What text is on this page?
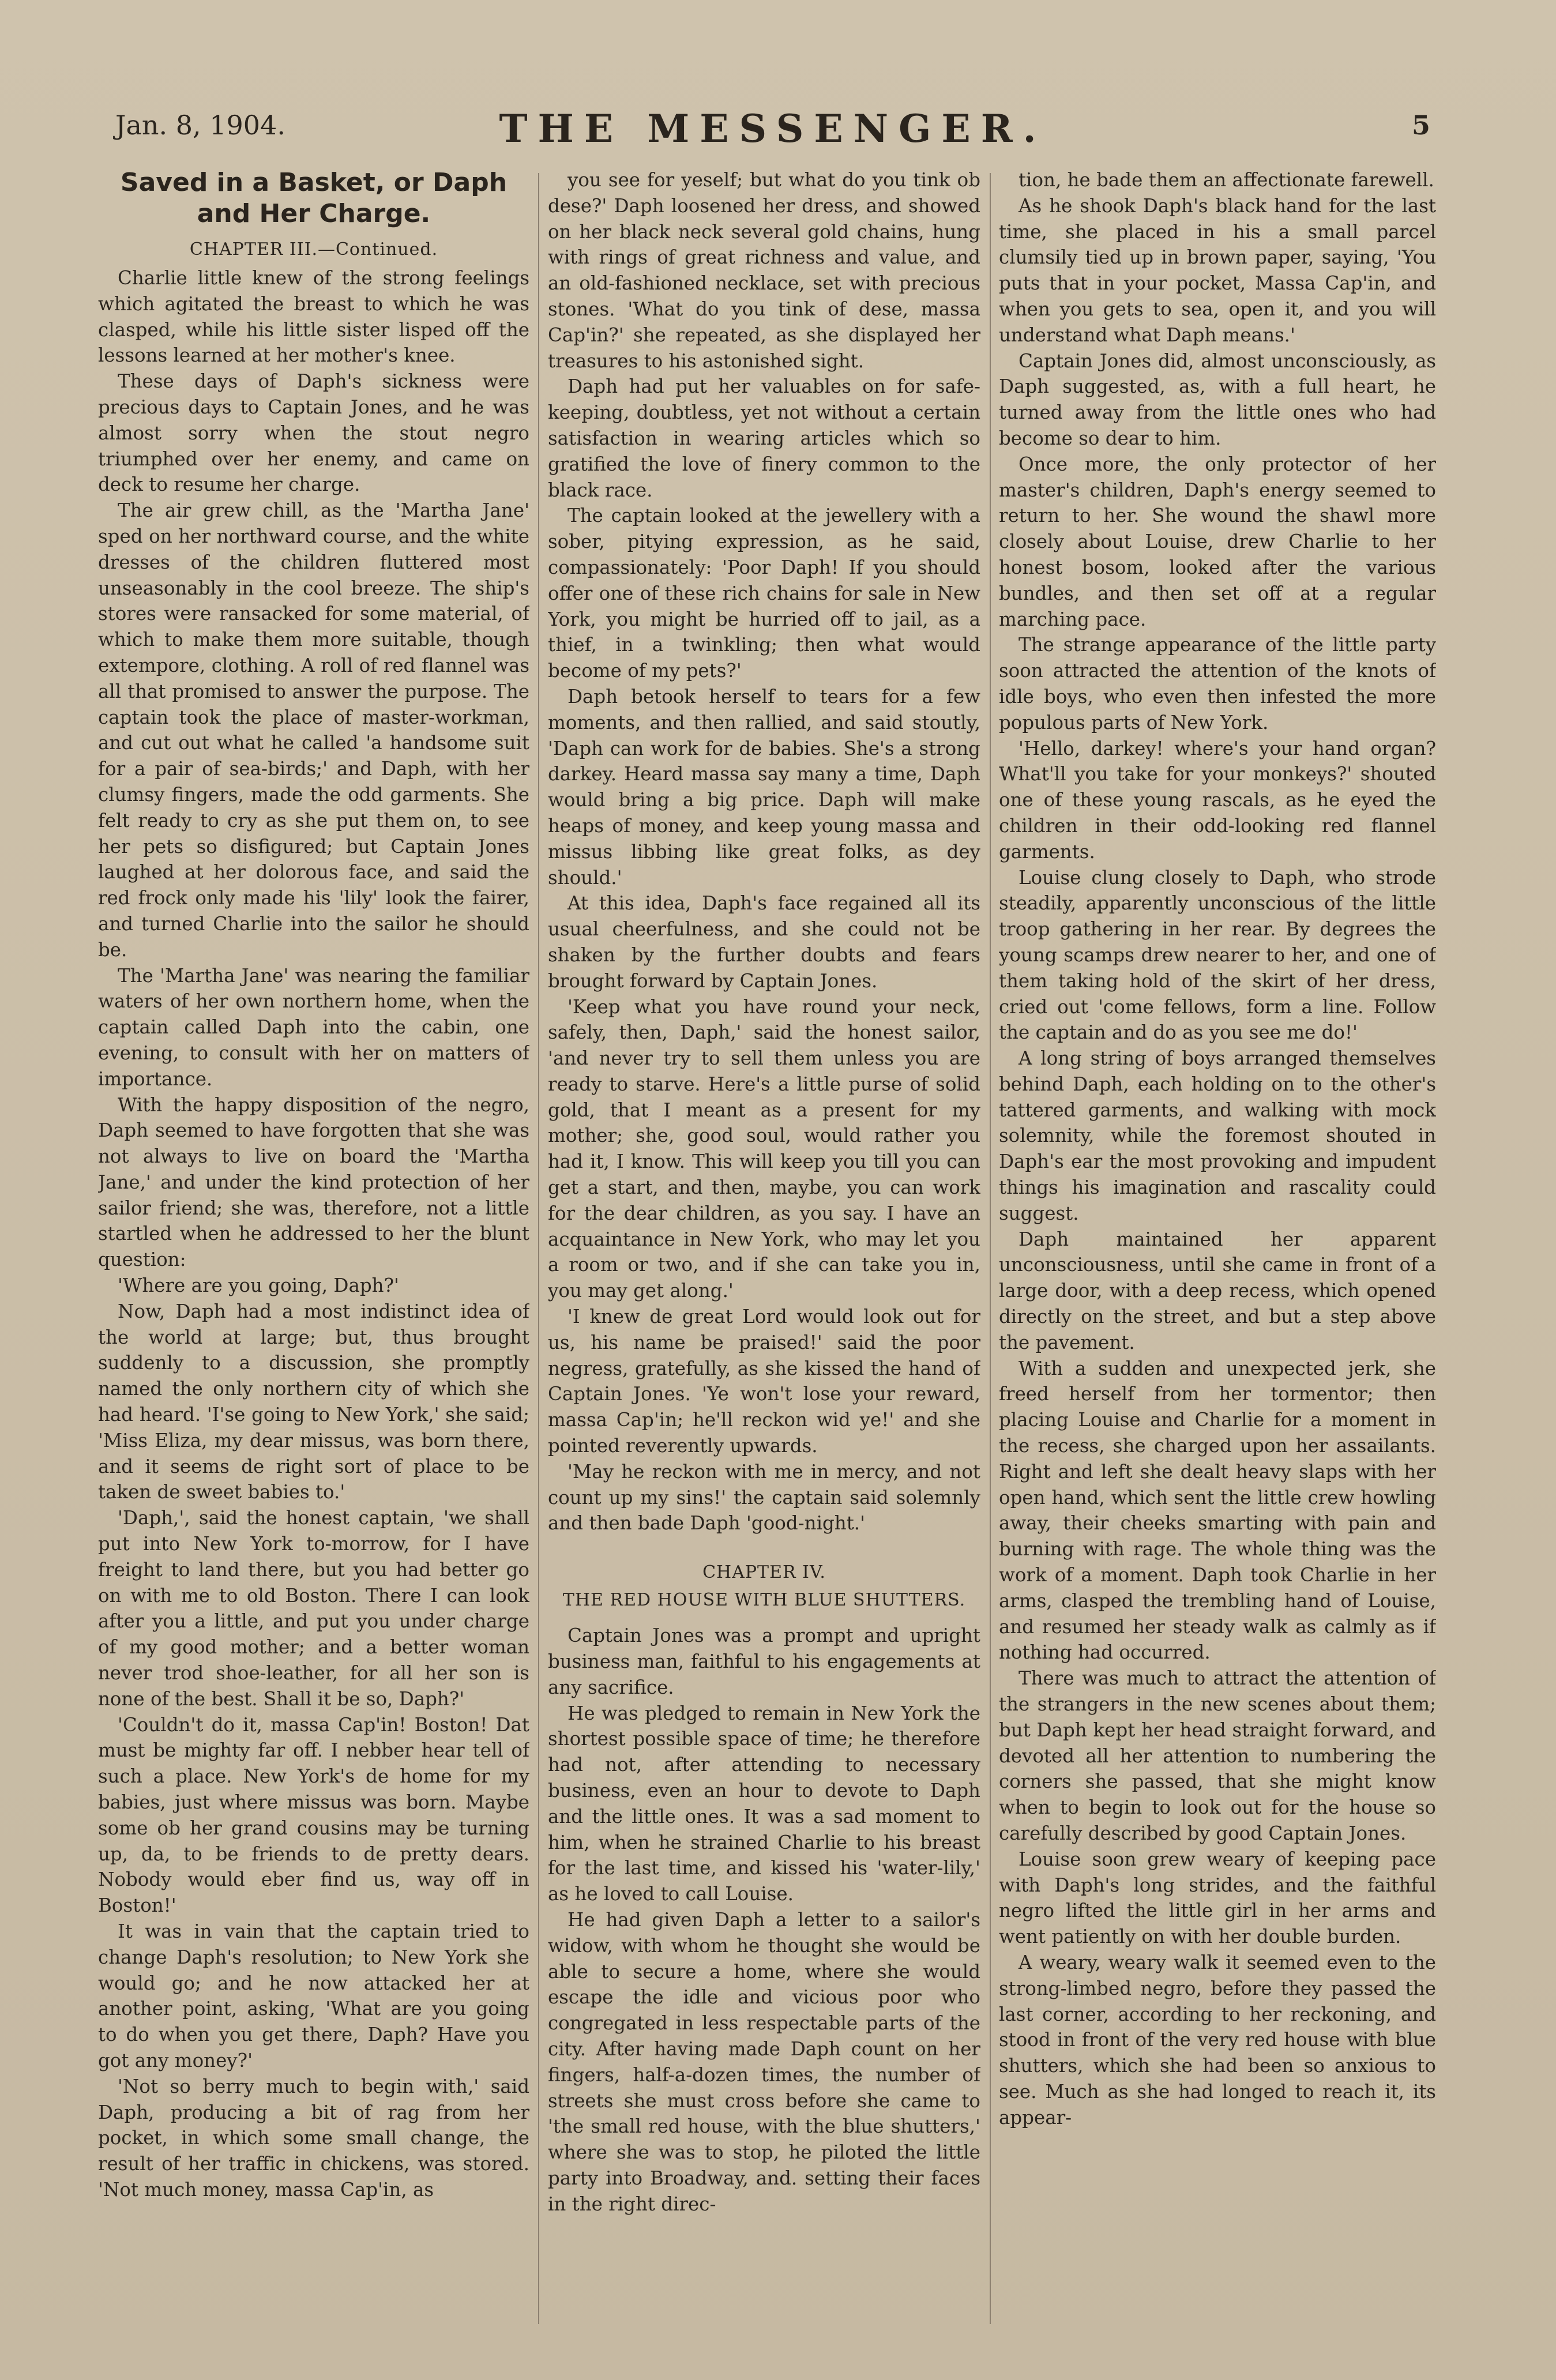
Jan. 8, 1904.	THE MESSENGER.	5
Saved in a Basket, or Daph and Her Charge.
CHAPTER III.—Continued.

Charlie little knew of the strong feelings which agitated the breast to which he was clasped, while his little sister lisped off the lessons learned at her mother's knee.

These days of Daph's sickness were precious days to Captain Jones, and he was almost sorry when the stout negro triumphed over her enemy, and came on deck to resume her charge.

The air grew chill, as the 'Martha Jane' sped on her northward course, and the white dresses of the children fluttered most unseasonably in the cool breeze. The ship's stores were ransacked for some material, of which to make them more suitable, though extempore, clothing. A roll of red flannel was all that promised to answer the purpose. The captain took the place of master-workman, and cut out what he called 'a handsome suit for a pair of sea-birds;' and Daph, with her clumsy fingers, made the odd garments. She felt ready to cry as she put them on, to see her pets so disfigured; but Captain Jones laughed at her dolorous face, and said the red frock only made his 'lily' look the fairer, and turned Charlie into the sailor he should be.

The 'Martha Jane' was nearing the familiar waters of her own northern home, when the captain called Daph into the cabin, one evening, to consult with her on matters of importance.

With the happy disposition of the negro, Daph seemed to have forgotten that she was not always to live on board the 'Martha Jane,' and under the kind protection of her sailor friend; she was, therefore, not a little startled when he addressed to her the blunt question:

'Where are you going, Daph?'

Now, Daph had a most indistinct idea of the world at large; but, thus brought suddenly to a discussion, she promptly named the only northern city of which she had heard. 'I'se going to New York,' she said; 'Miss Eliza, my dear missus, was born there, and it seems de right sort of place to be taken de sweet babies to.'

'Daph,', said the honest captain, 'we shall put into New York to-morrow, for I have freight to land there, but you had better go on with me to old Boston. There I can look after you a little, and put you under charge of my good mother; and a better woman never trod shoe-leather, for all her son is none of the best. Shall it be so, Daph?'

'Couldn't do it, massa Cap'in! Boston! Dat must be mighty far off. I nebber hear tell of such a place. New York's de home for my babies, just where missus was born. Maybe some ob her grand cousins may be turning up, da, to be friends to de pretty dears. Nobody would eber find us, way off in Boston!'

It was in vain that the captain tried to change Daph's resolution; to New York she would go; and he now attacked her at another point, asking, 'What are you going to do when you get there, Daph? Have you got any money?'

'Not so berry much to begin with,' said Daph, producing a bit of rag from her pocket, in which some small change, the result of her traffic in chickens, was stored. 'Not much money, massa Cap'in, as

you see for yeself; but what do you tink ob dese?' Daph loosened her dress, and showed on her black neck several gold chains, hung with rings of great richness and value, and an old-fashioned necklace, set with precious stones. 'What do you tink of dese, massa Cap'in?' she repeated, as she displayed her treasures to his astonished sight.

Daph had put her valuables on for safe-keeping, doubtless, yet not without a certain satisfaction in wearing articles which so gratified the love of finery common to the black race.

The captain looked at the jewellery with a sober, pitying expression, as he said, compassionately: 'Poor Daph! If you should offer one of these rich chains for sale in New York, you might be hurried off to jail, as a thief, in a twinkling; then what would become of my pets?'

Daph betook herself to tears for a few moments, and then rallied, and said stoutly, 'Daph can work for de babies. She's a strong darkey. Heard massa say many a time, Daph would bring a big price. Daph will make heaps of money, and keep young massa and missus libbing like great folks, as dey should.'

At this idea, Daph's face regained all its usual cheerfulness, and she could not be shaken by the further doubts and fears brought forward by Captain Jones.

'Keep what you have round your neck, safely, then, Daph,' said the honest sailor, 'and never try to sell them unless you are ready to starve. Here's a little purse of solid gold, that I meant as a present for my mother; she, good soul, would rather you had it, I know. This will keep you till you can get a start, and then, maybe, you can work for the dear children, as you say. I have an acquaintance in New York, who may let you a room or two, and if she can take you in, you may get along.'

'I knew de great Lord would look out for us, his name be praised!' said the poor negress, gratefully, as she kissed the hand of Captain Jones. 'Ye won't lose your reward, massa Cap'in; he'll reckon wid ye!' and she pointed reverently upwards.

'May he reckon with me in mercy, and not count up my sins!' the captain said solemnly and then bade Daph 'good-night.'

CHAPTER IV.
THE RED HOUSE WITH BLUE SHUTTERS.

Captain Jones was a prompt and upright business man, faithful to his engagements at any sacrifice.

He was pledged to remain in New York the shortest possible space of time; he therefore had not, after attending to necessary business, even an hour to devote to Daph and the little ones. It was a sad moment to him, when he strained Charlie to his breast for the last time, and kissed his 'water-lily,' as he loved to call Louise.

He had given Daph a letter to a sailor's widow, with whom he thought she would be able to secure a home, where she would escape the idle and vicious poor who congregated in less respectable parts of the city. After having made Daph count on her fingers, half-a-dozen times, the number of streets she must cross before she came to 'the small red house, with the blue shutters,' where she was to stop, he piloted the little party into Broadway, and. setting their faces in the right direc-

tion, he bade them an affectionate farewell.

As he shook Daph's black hand for the last time, she placed in his a small parcel clumsily tied up in brown paper, saying, 'You puts that in your pocket, Massa Cap'in, and when you gets to sea, open it, and you will understand what Daph means.'

Captain Jones did, almost unconsciously, as Daph suggested, as, with a full heart, he turned away from the little ones who had become so dear to him.

Once more, the only protector of her master's children, Daph's energy seemed to return to her. She wound the shawl more closely about Louise, drew Charlie to her honest bosom, looked after the various bundles, and then set off at a regular marching pace.

The strange appearance of the little party soon attracted the attention of the knots of idle boys, who even then infested the more populous parts of New York.

'Hello, darkey! where's your hand organ? What'll you take for your monkeys?' shouted one of these young rascals, as he eyed the children in their odd-looking red flannel garments.

Louise clung closely to Daph, who strode steadily, apparently unconscious of the little troop gathering in her rear. By degrees the young scamps drew nearer to her, and one of them taking hold of the skirt of her dress, cried out 'come fellows, form a line. Follow the captain and do as you see me do!'

A long string of boys arranged themselves behind Daph, each holding on to the other's tattered garments, and walking with mock solemnity, while the foremost shouted in Daph's ear the most provoking and impudent things his imagination and rascality could suggest.

Daph maintained her apparent unconsciousness, until she came in front of a large door, with a deep recess, which opened directly on the street, and but a step above the pavement.

With a sudden and unexpected jerk, she freed herself from her tormentor; then placing Louise and Charlie for a moment in the recess, she charged upon her assailants. Right and left she dealt heavy slaps with her open hand, which sent the little crew howling away, their cheeks smarting with pain and burning with rage. The whole thing was the work of a moment. Daph took Charlie in her arms, clasped the trembling hand of Louise, and resumed her steady walk as calmly as if nothing had occurred.

There was much to attract the attention of the strangers in the new scenes about them; but Daph kept her head straight forward, and devoted all her attention to numbering the corners she passed, that she might know when to begin to look out for the house so carefully described by good Captain Jones.

Louise soon grew weary of keeping pace with Daph's long strides, and the faithful negro lifted the little girl in her arms and went patiently on with her double burden.

A weary, weary walk it seemed even to the strong-limbed negro, before they passed the last corner, according to her reckoning, and stood in front of the very red house with blue shutters, which she had been so anxious to see. Much as she had longed to reach it, its appear-
